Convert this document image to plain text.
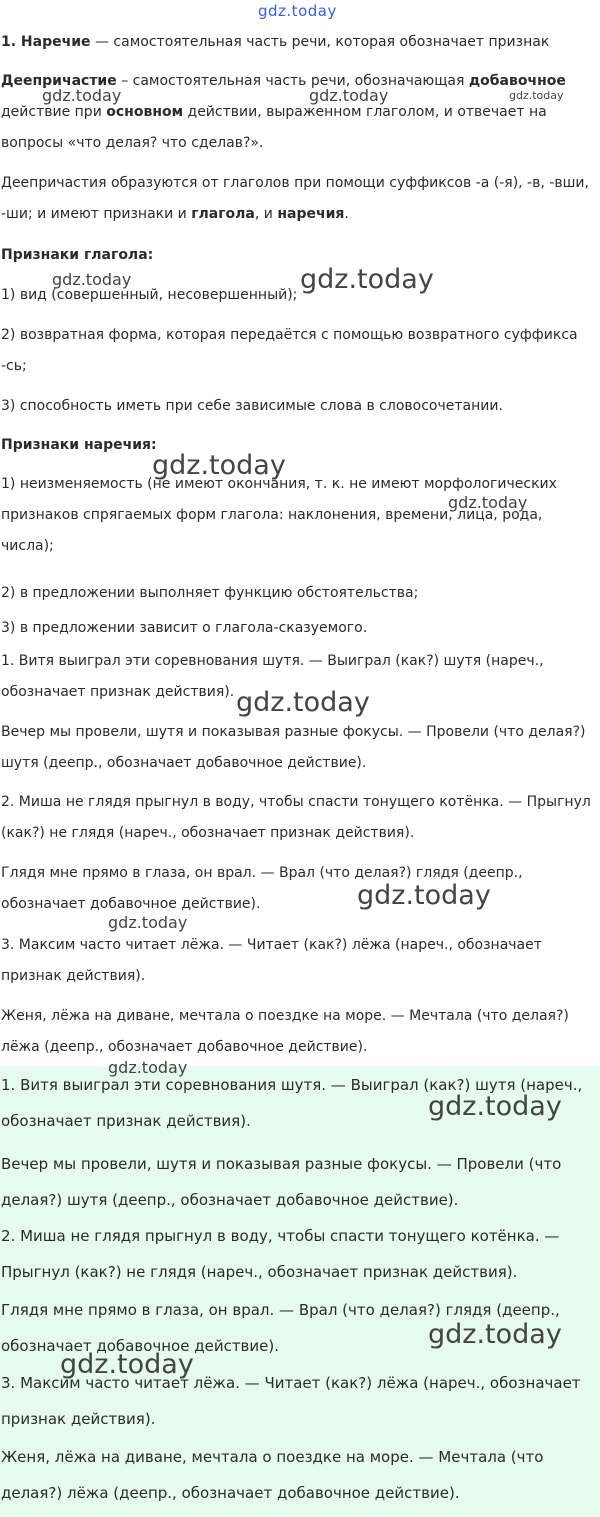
1. Наречие — самостоятельная часть речи, которая обозначает признак

Деепричастие – самостоятельная часть речи, обозначающая добавочное действие при основном действии, выраженном глаголом, и отвечает на вопросы «что делая? что сделав?».

Деепричастия образуются от глаголов при помощи суффиксов -а (-я), -в, -вши, -ши; и имеют признаки и глагола, и наречия.

Признаки глагола:

1) вид (совершенный, несовершенный);

2) возвратная форма, которая передаётся с помощью возвратного суффикса -сь;

3) способность иметь при себе зависимые слова в словосочетании.

Признаки наречия:

1) неизменяемость (не имеют окончания, т. к. не имеют морфологических признаков спрягаемых форм глагола: наклонения, времени, лица, рода, числа);

2) в предложении выполняет функцию обстоятельства;

3) в предложении зависит о глагола-сказуемого.

1. Витя выиграл эти соревнования шутя. — Выиграл (как?) шутя (нареч., обозначает признак действия).

Вечер мы провели, шутя и показывая разные фокусы. — Провели (что делая?) шутя (деепр., обозначает добавочное действие).

2. Миша не глядя прыгнул в воду, чтобы спасти тонущего котёнка. — Прыгнул (как?) не глядя (нареч., обозначает признак действия).

Глядя мне прямо в глаза, он врал. — Врал (что делая?) глядя (деепр., обозначает добавочное действие).

3. Максим часто читает лёжа. — Читает (как?) лёжа (нареч., обозначает признак действия).

Женя, лёжа на диване, мечтала о поездке на море. — Мечтала (что делая?) лёжа (деепр., обозначает добавочное действие).

1. Витя выиграл эти соревнования шутя. — Выиграл (как?) шутя (нареч., обозначает признак действия).

Вечер мы провели, шутя и показывая разные фокусы. — Провели (что делая?) шутя (деепр., обозначает добавочное действие).

2. Миша не глядя прыгнул в воду, чтобы спасти тонущего котёнка. — Прыгнул (как?) не глядя (нареч., обозначает признак действия).

Глядя мне прямо в глаза, он врал. — Врал (что делая?) глядя (деепр., обозначает добавочное действие).

3. Максим часто читает лёжа. — Читает (как?) лёжа (нареч., обозначает признак действия).

Женя, лёжа на диване, мечтала о поездке на море. — Мечтала (что делая?) лёжа (деепр., обозначает добавочное действие).

gdz.today
gdz.today	gdz.today	gdz.today
gdz.today	gdz.today
gdz.today
gdz.today
gdz.today
gdz.today
gdz.today
gdz.today
gdz.today
gdz.today
gdz.today
